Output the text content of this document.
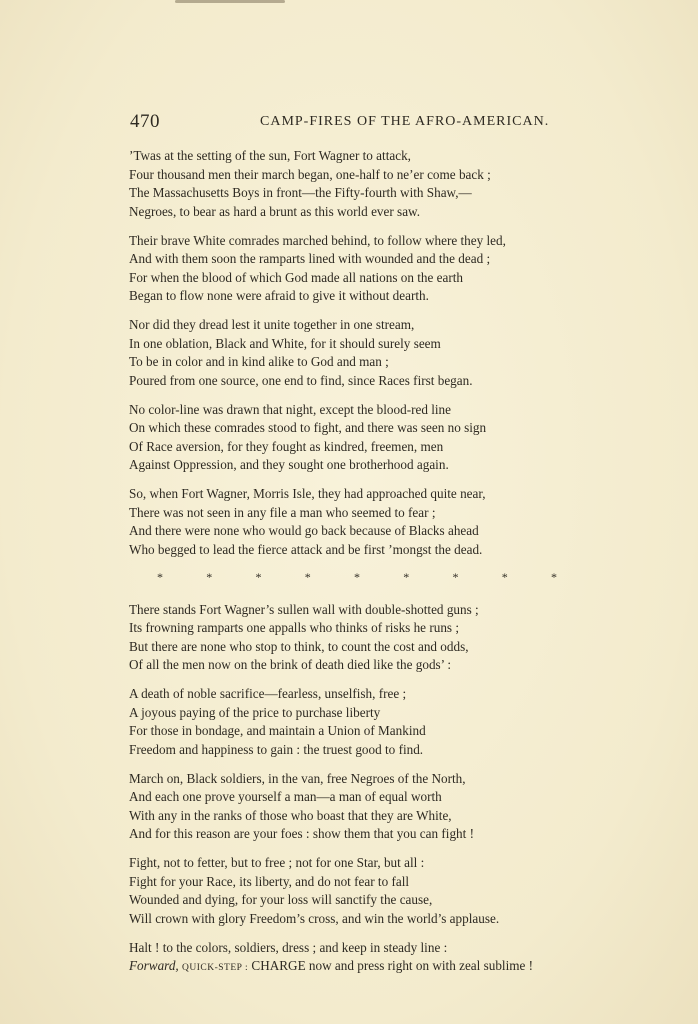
470	CAMP-FIRES OF THE AFRO-AMERICAN.
’Twas at the setting of the sun, Fort Wagner to attack,
Four thousand men their march began, one-half to ne’er come back ;
The Massachusetts Boys in front—the Fifty-fourth with Shaw,—
Negroes, to bear as hard a brunt as this world ever saw.
Their brave White comrades marched behind, to follow where they led,
And with them soon the ramparts lined with wounded and the dead ;
For when the blood of which God made all nations on the earth
Began to flow none were afraid to give it without dearth.
Nor did they dread lest it unite together in one stream,
In one oblation, Black and White, for it should surely seem
To be in color and in kind alike to God and man ;
Poured from one source, one end to find, since Races first began.
No color-line was drawn that night, except the blood-red line
On which these comrades stood to fight, and there was seen no sign
Of Race aversion, for they fought as kindred, freemen, men
Against Oppression, and they sought one brotherhood again.
So, when Fort Wagner, Morris Isle, they had approached quite near,
There was not seen in any file a man who seemed to fear ;
And there were none who would go back because of Blacks ahead
Who begged to lead the fierce attack and be first ’mongst the dead.
*	*	*	*	*	*	*	*	*
There stands Fort Wagner’s sullen wall with double-shotted guns ;
Its frowning ramparts one appalls who thinks of risks he runs ;
But there are none who stop to think, to count the cost and odds,
Of all the men now on the brink of death died like the gods’ :
A death of noble sacrifice—fearless, unselfish, free ;
A joyous paying of the price to purchase liberty
For those in bondage, and maintain a Union of Mankind
Freedom and happiness to gain : the truest good to find.
March on, Black soldiers, in the van, free Negroes of the North,
And each one prove yourself a man—a man of equal worth
With any in the ranks of those who boast that they are White,
And for this reason are your foes : show them that you can fight !
Fight, not to fetter, but to free ; not for one Star, but all :
Fight for your Race, its liberty, and do not fear to fall
Wounded and dying, for your loss will sanctify the cause,
Will crown with glory Freedom’s cross, and win the world’s applause.
Halt ! to the colors, soldiers, dress ; and keep in steady line :
Forward, QUICK-STEP : CHARGE now and press right on with zeal sublime !
